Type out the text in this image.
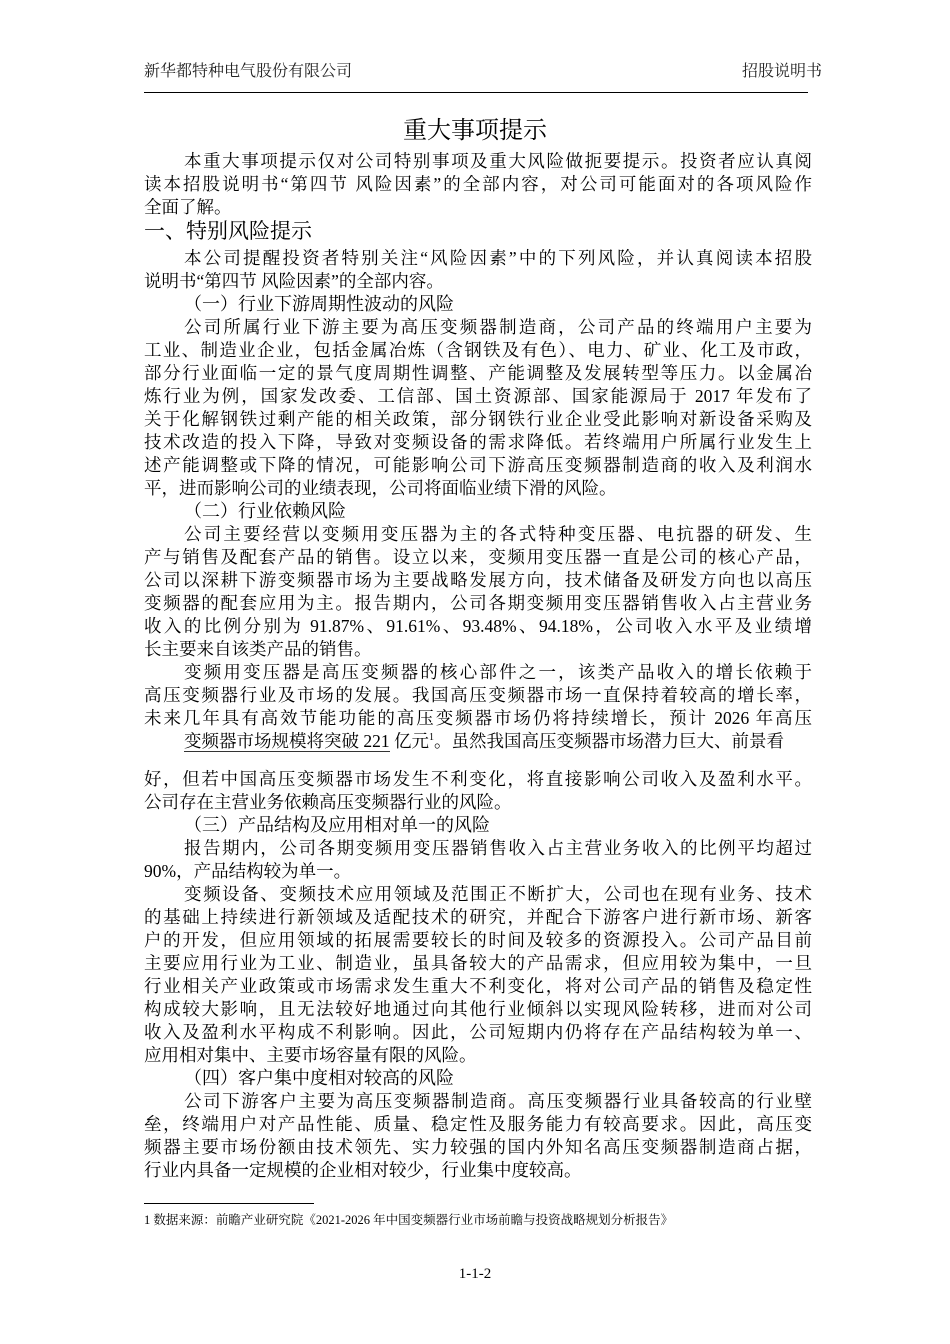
新华都特种电气股份有限公司	招股说明书
重大事项提示
本重大事项提示仅对公司特别事项及重大风险做扼要提示。投资者应认真阅
读本招股说明书“第四节 风险因素”的全部内容，对公司可能面对的各项风险作
全面了解。
一、特别风险提示
本公司提醒投资者特别关注“风险因素”中的下列风险，并认真阅读本招股
说明书“第四节 风险因素”的全部内容。
（一）行业下游周期性波动的风险
公司所属行业下游主要为高压变频器制造商，公司产品的终端用户主要为
工业、制造业企业，包括金属冶炼（含钢铁及有色）、电力、矿业、化工及市政，
部分行业面临一定的景气度周期性调整、产能调整及发展转型等压力。以金属冶
炼行业为例，国家发改委、工信部、国土资源部、国家能源局于 2017 年发布了
关于化解钢铁过剩产能的相关政策，部分钢铁行业企业受此影响对新设备采购及
技术改造的投入下降，导致对变频设备的需求降低。若终端用户所属行业发生上
述产能调整或下降的情况，可能影响公司下游高压变频器制造商的收入及利润水
平，进而影响公司的业绩表现，公司将面临业绩下滑的风险。
（二）行业依赖风险
公司主要经营以变频用变压器为主的各式特种变压器、电抗器的研发、生
产与销售及配套产品的销售。设立以来，变频用变压器一直是公司的核心产品，
公司以深耕下游变频器市场为主要战略发展方向，技术储备及研发方向也以高压
变频器的配套应用为主。报告期内，公司各期变频用变压器销售收入占主营业务
收入的比例分别为 91.87%、91.61%、93.48%、94.18%，公司收入水平及业绩增
长主要来自该类产品的销售。
变频用变压器是高压变频器的核心部件之一，该类产品收入的增长依赖于
高压变频器行业及市场的发展。我国高压变频器市场一直保持着较高的增长率，
未来几年具有高效节能功能的高压变频器市场仍将持续增长，预计 2026 年高压
好，但若中国高压变频器市场发生不利变化，将直接影响公司收入及盈利水平。
公司存在主营业务依赖高压变频器行业的风险。
（三）产品结构及应用相对单一的风险
报告期内，公司各期变频用变压器销售收入占主营业务收入的比例平均超过
90%，产品结构较为单一。
变频设备、变频技术应用领域及范围正不断扩大，公司也在现有业务、技术
的基础上持续进行新领域及适配技术的研究，并配合下游客户进行新市场、新客
户的开发，但应用领域的拓展需要较长的时间及较多的资源投入。公司产品目前
主要应用行业为工业、制造业，虽具备较大的产品需求，但应用较为集中，一旦
行业相关产业政策或市场需求发生重大不利变化，将对公司产品的销售及稳定性
构成较大影响，且无法较好地通过向其他行业倾斜以实现风险转移，进而对公司
收入及盈利水平构成不利影响。因此，公司短期内仍将存在产品结构较为单一、
应用相对集中、主要市场容量有限的风险。
（四）客户集中度相对较高的风险
公司下游客户主要为高压变频器制造商。高压变频器行业具备较高的行业壁
垒，终端用户对产品性能、质量、稳定性及服务能力有较高要求。因此，高压变
频器主要市场份额由技术领先、实力较强的国内外知名高压变频器制造商占据，
行业内具备一定规模的企业相对较少，行业集中度较高。
变频器市场规模将突破 221 亿元$^1$。虽然我国高压变频器市场潜力巨大、前景看
1 数据来源：前瞻产业研究院《2021-2026 年中国变频器行业市场前瞻与投资战略规划分析报告》
1-1-2
